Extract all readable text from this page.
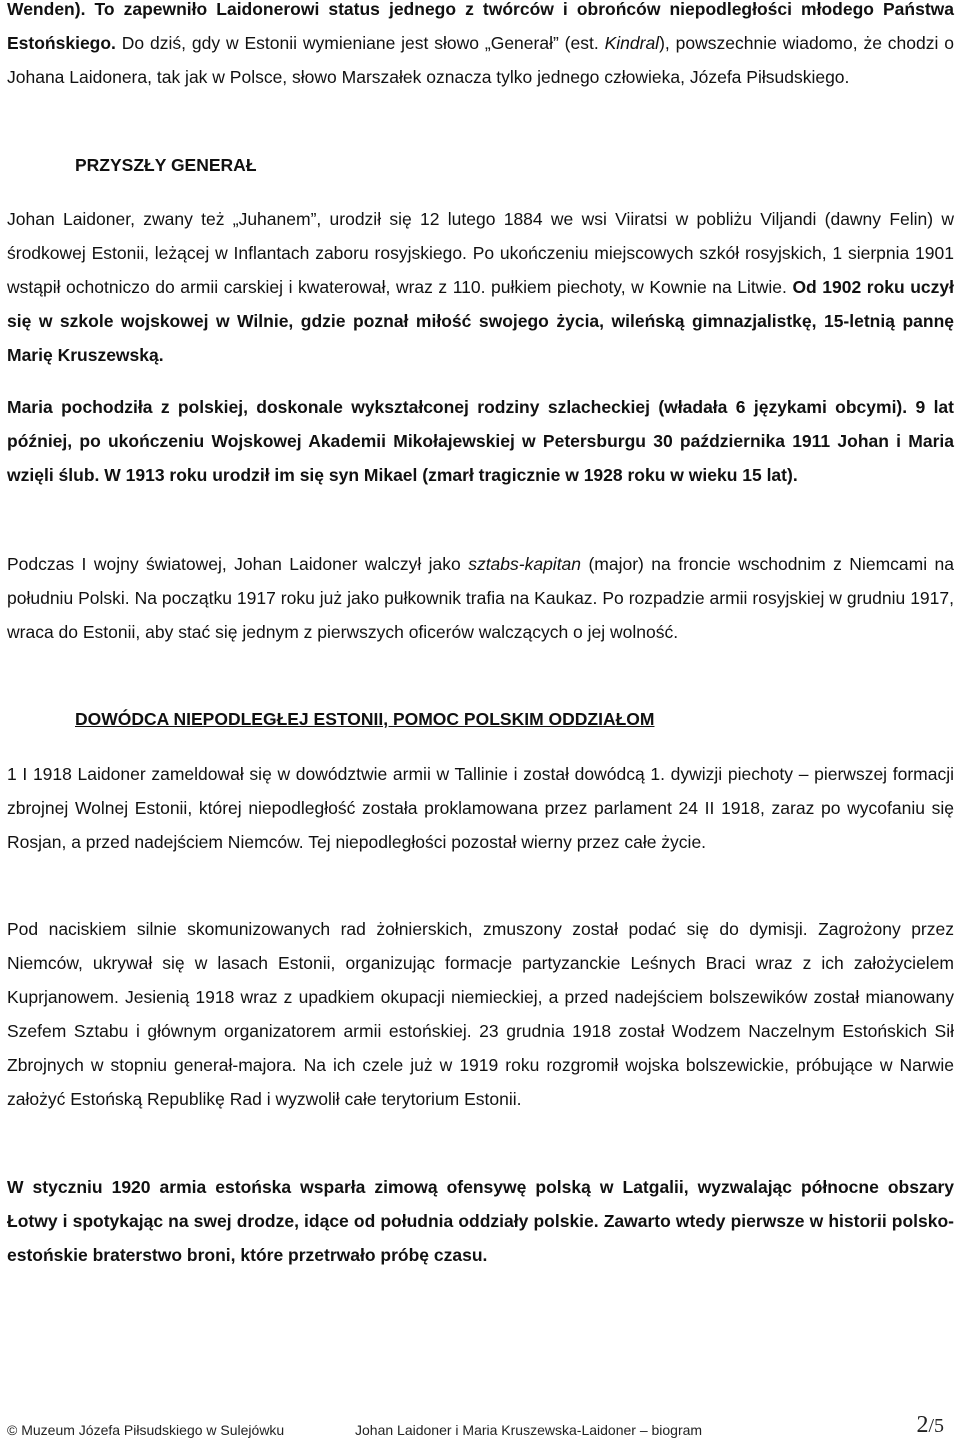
Wenden). To zapewniło Laidonerowi status jednego z twórców i obrońców niepodległości młodego Państwa Estońskiego. Do dziś, gdy w Estonii wymieniane jest słowo „Generał” (est. Kindral), powszechnie wiadomo, że chodzi o Johana Laidonera, tak jak w Polsce, słowo Marszałek oznacza tylko jednego człowieka, Józefa Piłsudskiego.

PRZYSZŁY GENERAŁ

Johan Laidoner, zwany też „Juhanem”, urodził się 12 lutego 1884 we wsi Viiratsi w pobliżu Viljandi (dawny Felin) w środkowej Estonii, leżącej w Inflantach zaboru rosyjskiego. Po ukończeniu miejscowych szkół rosyjskich, 1 sierpnia 1901 wstąpił ochotniczo do armii carskiej i kwaterował, wraz z 110. pułkiem piechoty, w Kownie na Litwie. Od 1902 roku uczył się w szkole wojskowej w Wilnie, gdzie poznał miłość swojego życia, wileńską gimnazjalistkę, 15-letnią pannę Marię Kruszewską.

Maria pochodziła z polskiej, doskonale wykształconej rodziny szlacheckiej (władała 6 językami obcymi). 9 lat później, po ukończeniu Wojskowej Akademii Mikołajewskiej w Petersburgu 30 października 1911 Johan i Maria wzięli ślub. W 1913 roku urodził im się syn Mikael (zmarł tragicznie w 1928 roku w wieku 15 lat).

Podczas I wojny światowej, Johan Laidoner walczył jako sztabs-kapitan (major) na froncie wschodnim z Niemcami na południu Polski. Na początku 1917 roku już jako pułkownik trafia na Kaukaz. Po rozpadzie armii rosyjskiej w grudniu 1917, wraca do Estonii, aby stać się jednym z pierwszych oficerów walczących o jej wolność.

DOWÓDCA NIEPODLEGŁEJ ESTONII, POMOC POLSKIM ODDZIAŁOM

1 I 1918 Laidoner zameldował się w dowództwie armii w Tallinie i został dowódcą 1. dywizji piechoty – pierwszej formacji zbrojnej Wolnej Estonii, której niepodległość została proklamowana przez parlament 24 II 1918, zaraz po wycofaniu się Rosjan, a przed nadejściem Niemców. Tej niepodległości pozostał wierny przez całe życie.

Pod naciskiem silnie skomunizowanych rad żołnierskich, zmuszony został podać się do dymisji. Zagrożony przez Niemców, ukrywał się w lasach Estonii, organizując formacje partyzanckie Leśnych Braci wraz z ich założycielem Kuprjanowem. Jesienią 1918 wraz z upadkiem okupacji niemieckiej, a przed nadejściem bolszewików został mianowany Szefem Sztabu i głównym organizatorem armii estońskiej. 23 grudnia 1918 został Wodzem Naczelnym Estońskich Sił Zbrojnych w stopniu generał-majora. Na ich czele już w 1919 roku rozgromił wojska bolszewickie, próbujące w Narwie założyć Estońską Republikę Rad i wyzwolił całe terytorium Estonii.

W styczniu 1920 armia estońska wsparła zimową ofensywę polską w Latgalii, wyzwalając północne obszary Łotwy i spotykając na swej drodze, idące od południa oddziały polskie. Zawarto wtedy pierwsze w historii polsko-estońskie braterstwo broni, które przetrwało próbę czasu.

© Muzeum Józefa Piłsudskiego w Sulejówku	Johan Laidoner i Maria Kruszewska-Laidoner – biogram	2/5
